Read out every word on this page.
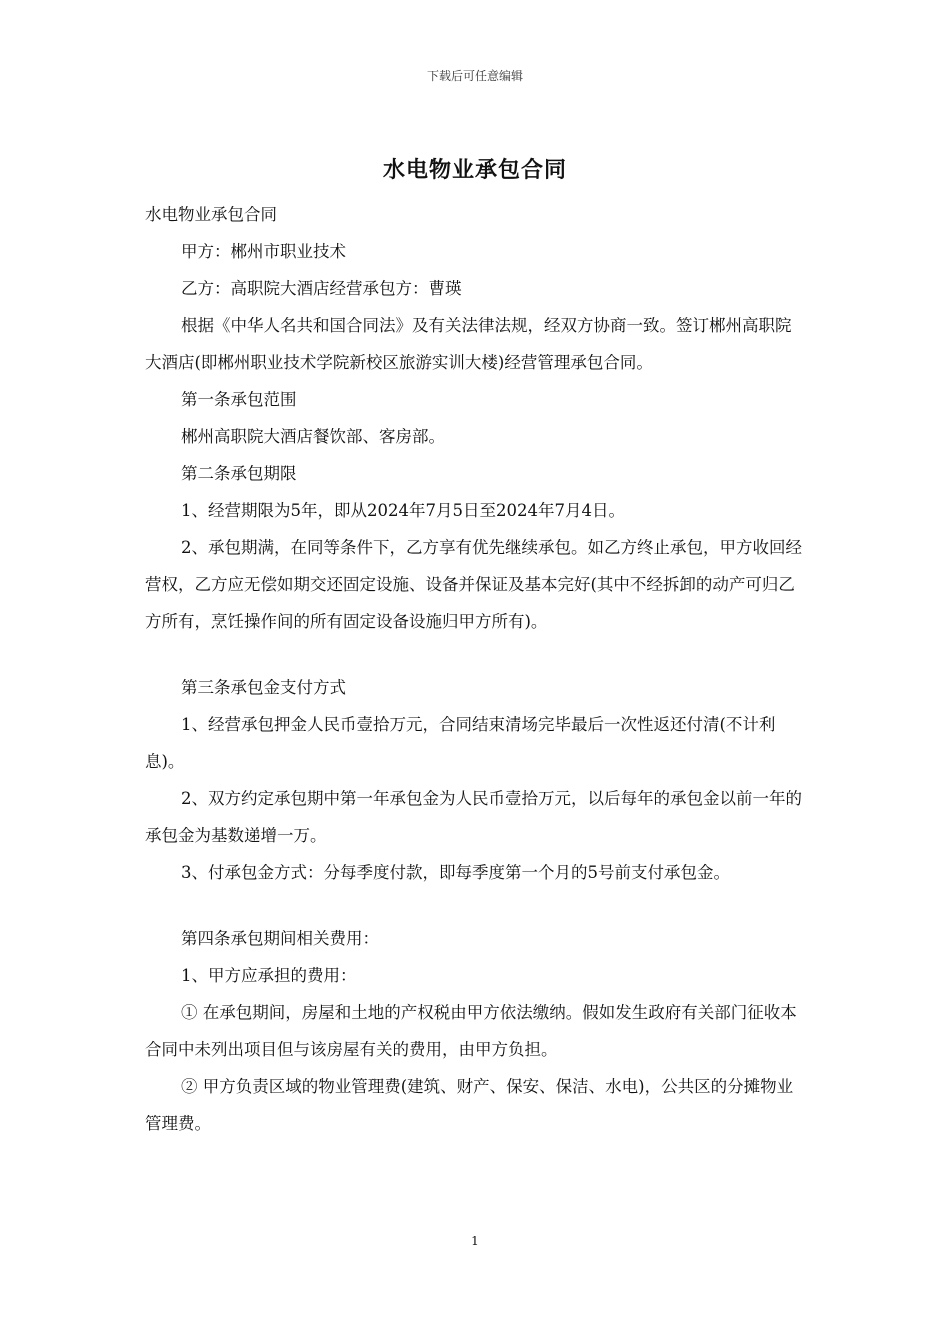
下载后可任意编辑
水电物业承包合同

水电物业承包合同

甲方：郴州市职业技术

乙方：高职院大酒店经营承包方：曹瑛

根据《中华人名共和国合同法》及有关法律法规，经双方协商一致。签订郴州高职院大酒店(即郴州职业技术学院新校区旅游实训大楼)经营管理承包合同。

第一条承包范围

郴州高职院大酒店餐饮部、客房部。

第二条承包期限

1、经营期限为5年，即从2024年7月5日至2024年7月4日。

2、承包期满，在同等条件下，乙方享有优先继续承包。如乙方终止承包，甲方收回经营权，乙方应无偿如期交还固定设施、设备并保证及基本完好(其中不经拆卸的动产可归乙方所有，烹饪操作间的所有固定设备设施归甲方所有)。

第三条承包金支付方式

1、经营承包押金人民币壹拾万元，合同结束清场完毕最后一次性返还付清(不计利息)。

2、双方约定承包期中第一年承包金为人民币壹拾万元，以后每年的承包金以前一年的承包金为基数递增一万。

3、付承包金方式：分每季度付款，即每季度第一个月的5号前支付承包金。

第四条承包期间相关费用：

1、甲方应承担的费用：

① 在承包期间，房屋和土地的产权税由甲方依法缴纳。假如发生政府有关部门征收本合同中未列出项目但与该房屋有关的费用，由甲方负担。

② 甲方负责区域的物业管理费(建筑、财产、保安、保洁、水电)，公共区的分摊物业管理费。

1
